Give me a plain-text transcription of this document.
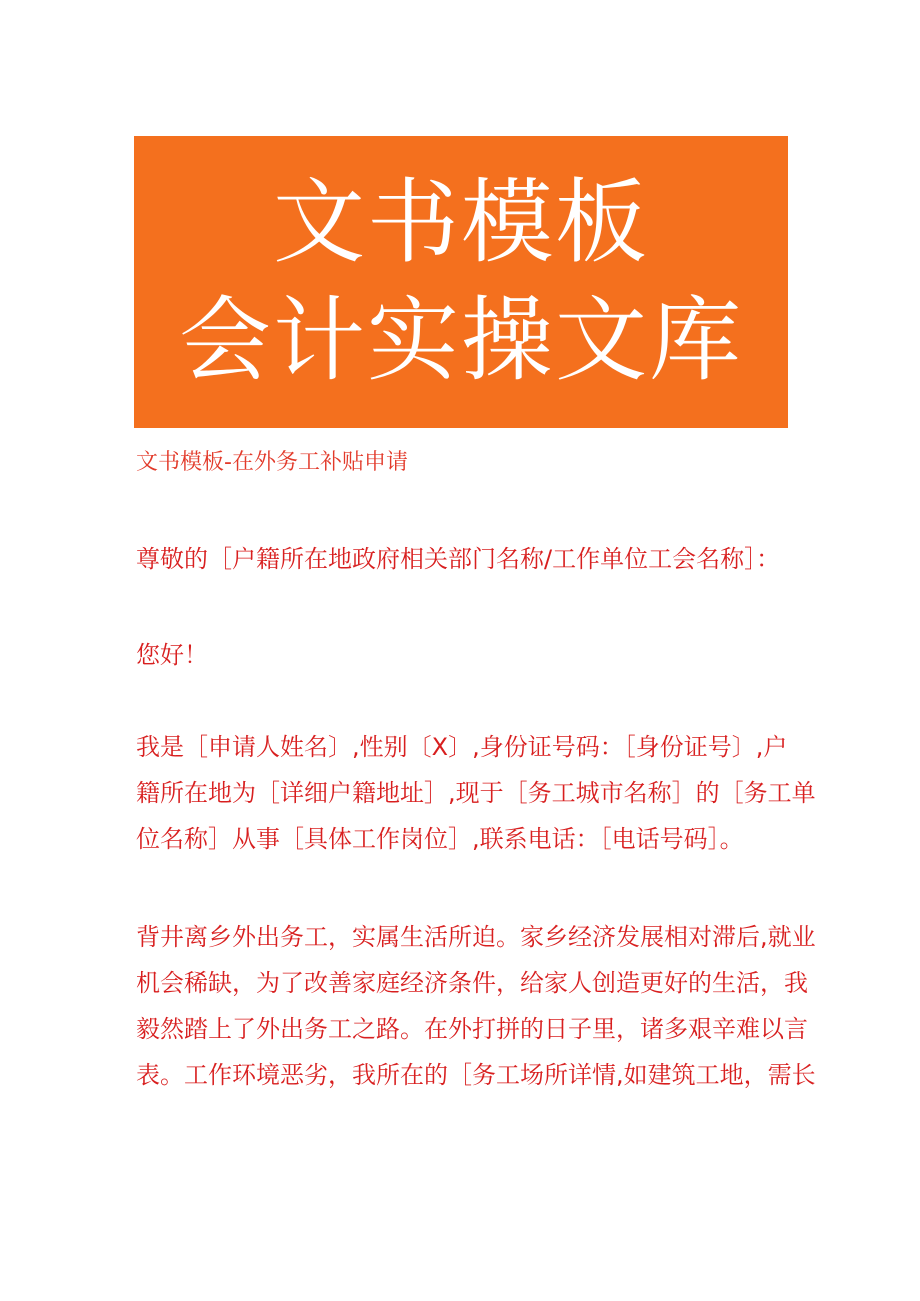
文书模板
会计实操文库
文书模板-在外务工补贴申请
尊敬的［户籍所在地政府相关部门名称/工作单位工会名称］：
您好！
我是［申请人姓名〕,性别〔X〕,身份证号码：［身份证号〕,户
籍所在地为［详细户籍地址］,现于［务工城市名称］的［务工单
位名称］从事［具体工作岗位］,联系电话：［电话号码］。
背井离乡外出务工，实属生活所迫。家乡经济发展相对滞后,就业
机会稀缺，为了改善家庭经济条件，给家人创造更好的生活，我
毅然踏上了外出务工之路。在外打拼的日子里，诸多艰辛难以言
表。工作环境恶劣，我所在的［务工场所详情,如建筑工地，需长
